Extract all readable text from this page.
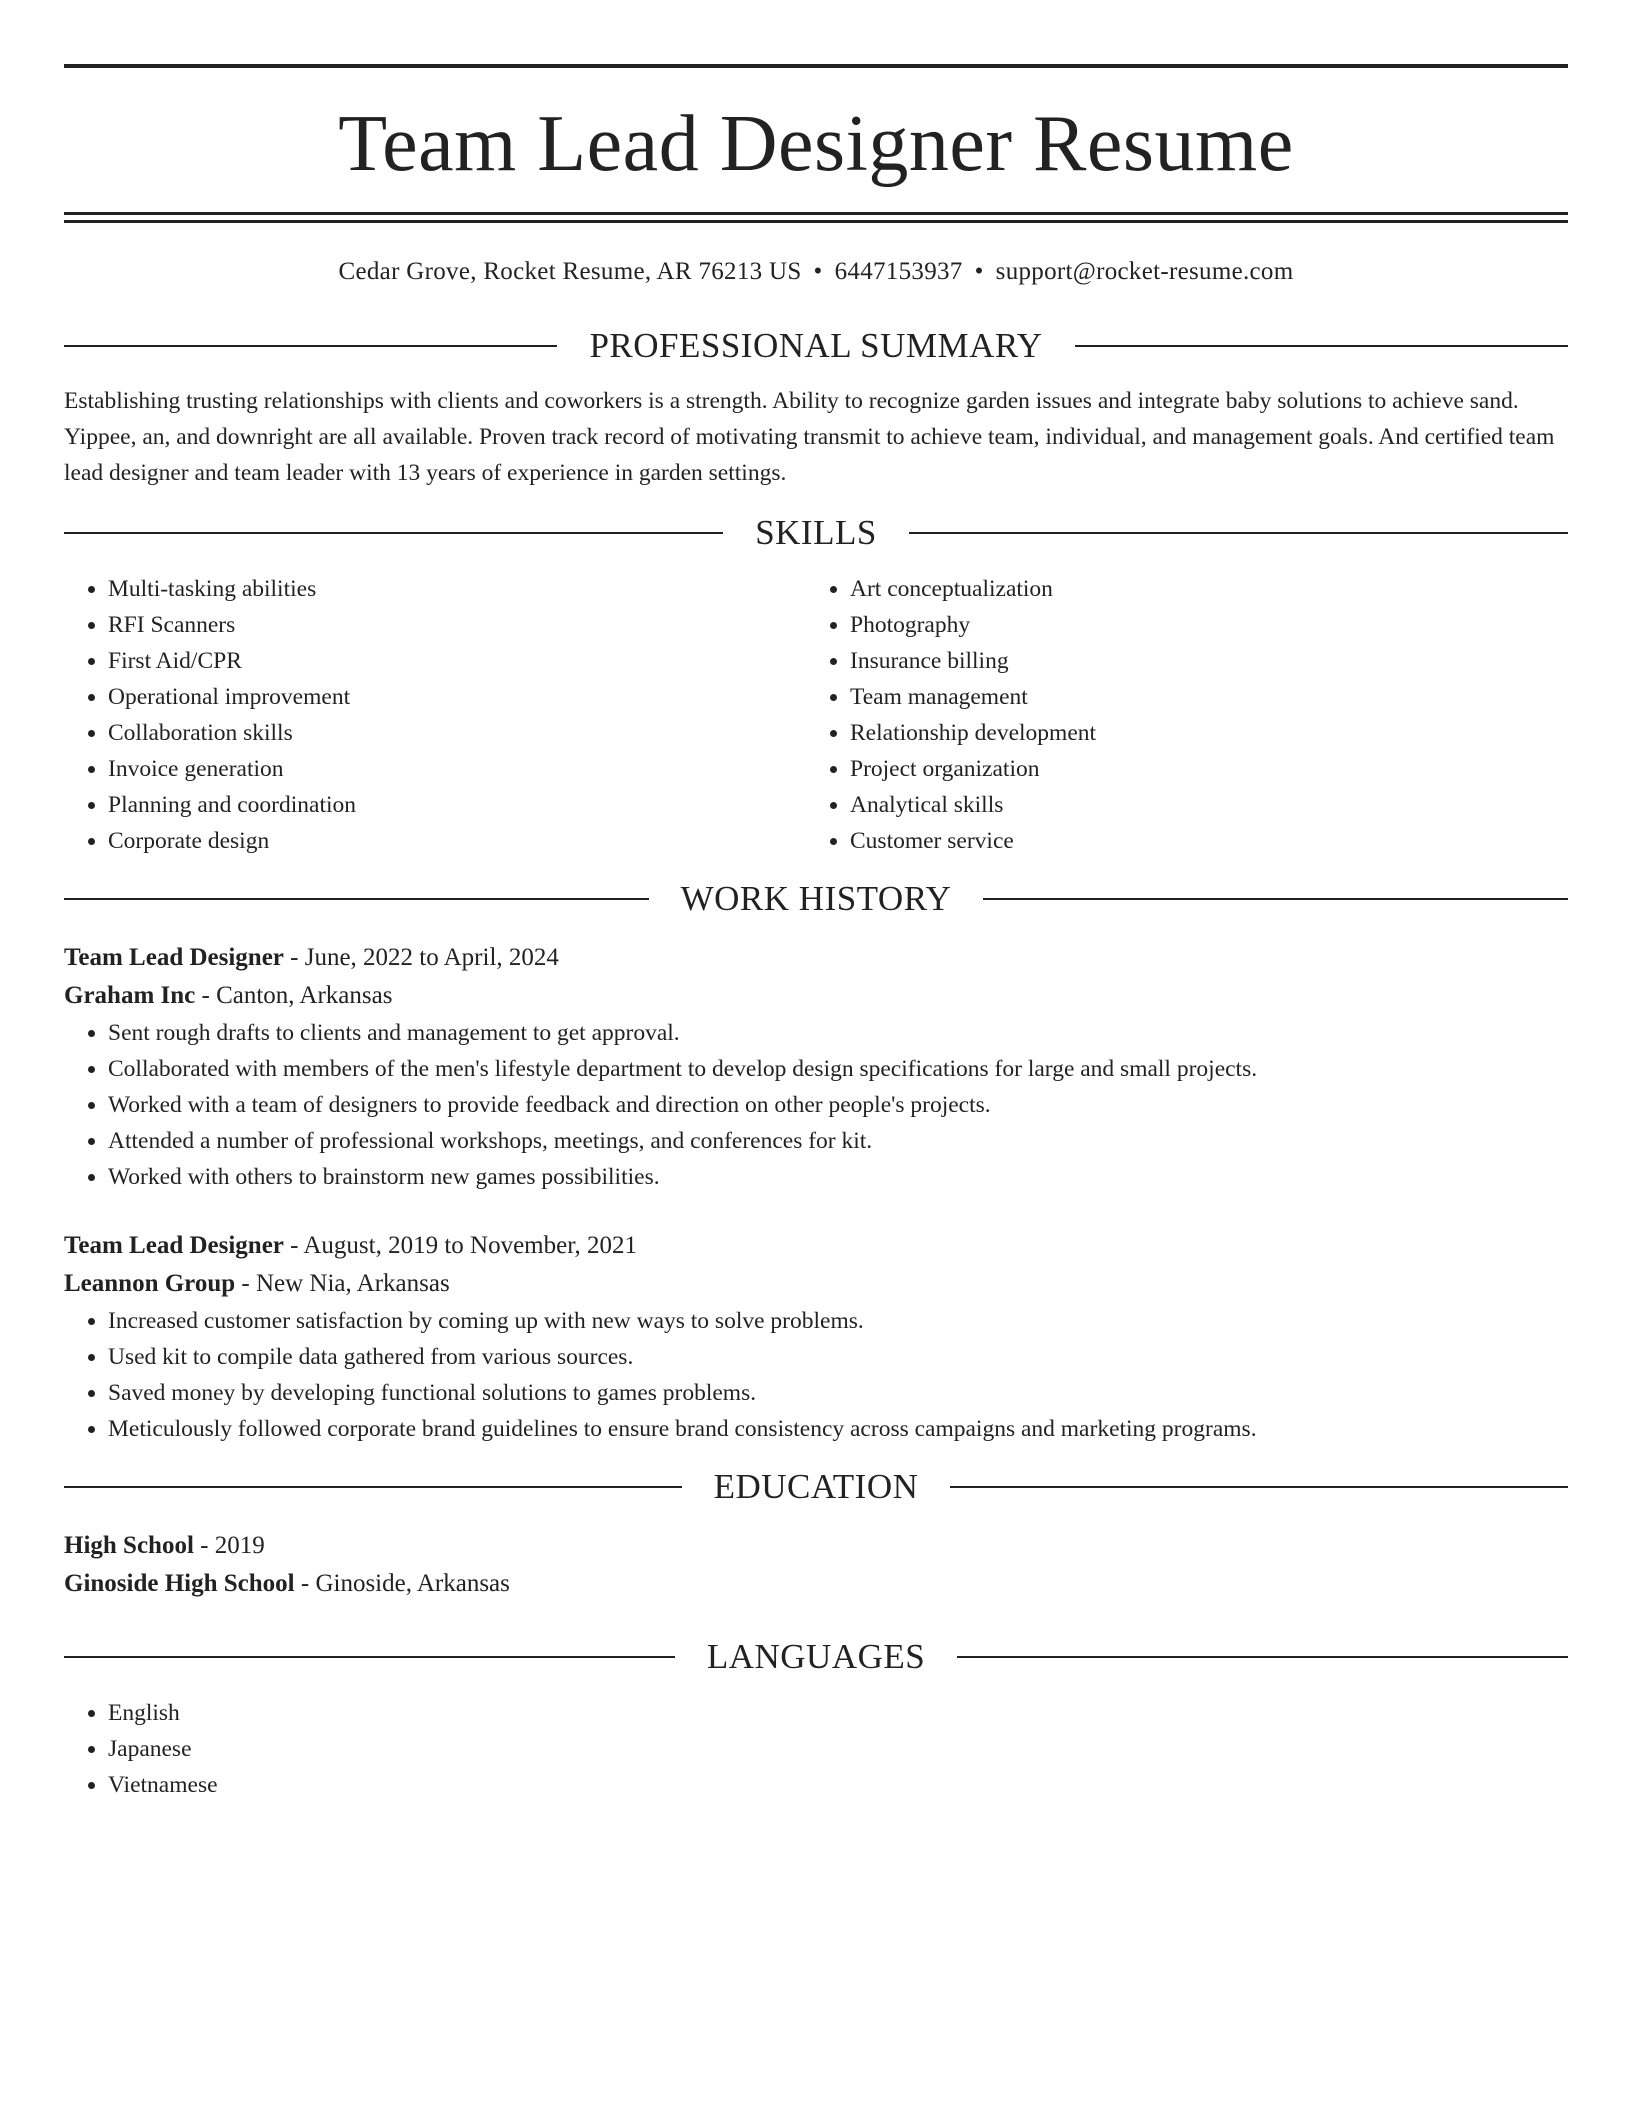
Team Lead Designer Resume
Cedar Grove, Rocket Resume, AR 76213 US • 6447153937 • support@rocket-resume.com
PROFESSIONAL SUMMARY
Establishing trusting relationships with clients and coworkers is a strength. Ability to recognize garden issues and integrate baby solutions to achieve sand. Yippee, an, and downright are all available. Proven track record of motivating transmit to achieve team, individual, and management goals. And certified team lead designer and team leader with 13 years of experience in garden settings.
SKILLS
• Multi-tasking abilities
• RFI Scanners
• First Aid/CPR
• Operational improvement
• Collaboration skills
• Invoice generation
• Planning and coordination
• Corporate design
• Art conceptualization
• Photography
• Insurance billing
• Team management
• Relationship development
• Project organization
• Analytical skills
• Customer service
WORK HISTORY
Team Lead Designer - June, 2022 to April, 2024
Graham Inc - Canton, Arkansas
• Sent rough drafts to clients and management to get approval.
• Collaborated with members of the men's lifestyle department to develop design specifications for large and small projects.
• Worked with a team of designers to provide feedback and direction on other people's projects.
• Attended a number of professional workshops, meetings, and conferences for kit.
• Worked with others to brainstorm new games possibilities.
Team Lead Designer - August, 2019 to November, 2021
Leannon Group - New Nia, Arkansas
• Increased customer satisfaction by coming up with new ways to solve problems.
• Used kit to compile data gathered from various sources.
• Saved money by developing functional solutions to games problems.
• Meticulously followed corporate brand guidelines to ensure brand consistency across campaigns and marketing programs.
EDUCATION
High School - 2019
Ginoside High School - Ginoside, Arkansas
LANGUAGES
• English
• Japanese
• Vietnamese
